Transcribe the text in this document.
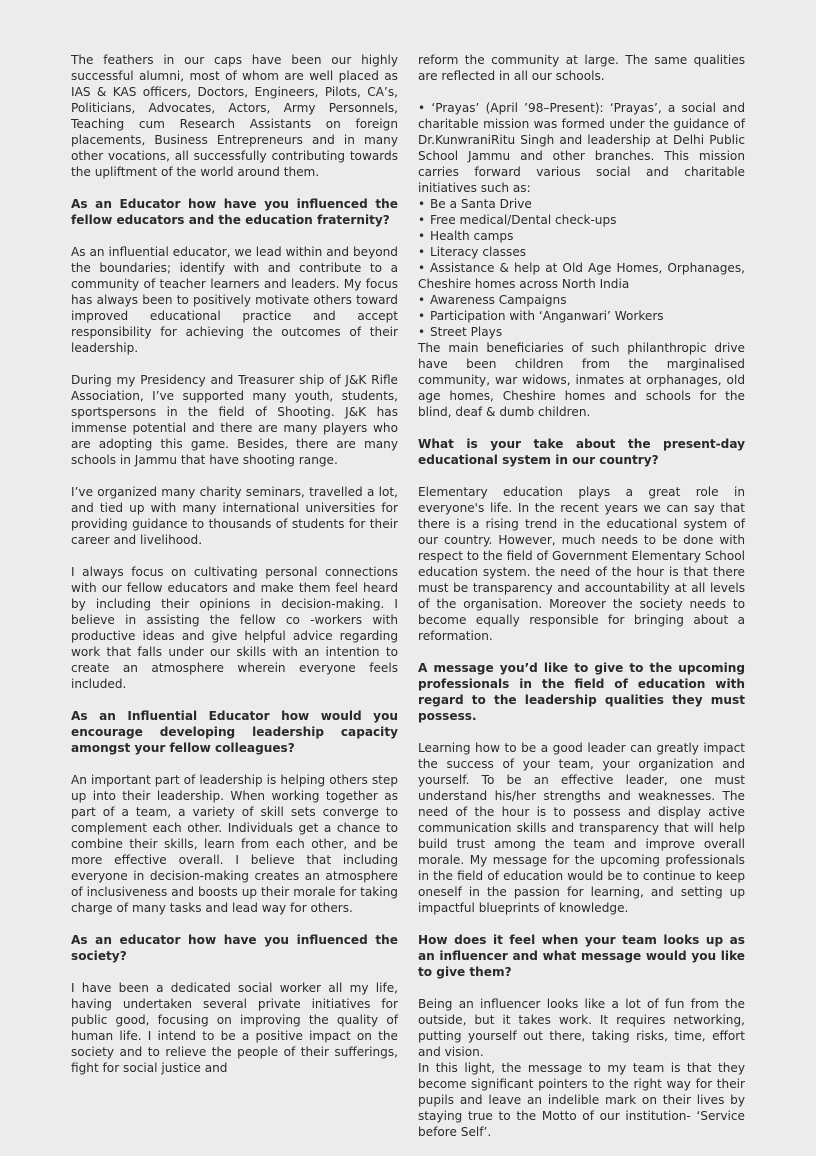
The feathers in our caps have been our highly successful alumni, most of whom are well placed as IAS & KAS officers, Doctors, Engineers, Pilots, CA’s, Politicians, Advocates, Actors, Army Personnels, Teaching cum Research Assistants on foreign placements, Business Entrepreneurs and in many other vocations, all successfully contributing towards the upliftment of the world around them.

As an Educator how have you influenced the fellow educators and the education fraternity?

As an influential educator, we lead within and beyond the boundaries; identify with and contribute to a community of teacher learners and leaders. My focus has always been to positively motivate others toward improved educational practice and accept responsibility for achieving the outcomes of their leadership.

During my Presidency and Treasurer ship of J&K Rifle Association, I’ve supported many youth, students, sportspersons in the field of Shooting. J&K has immense potential and there are many players who are adopting this game. Besides, there are many schools in Jammu that have shooting range.

I’ve organized many charity seminars, travelled a lot, and tied up with many international universities for providing guidance to thousands of students for their career and livelihood.

I always focus on cultivating personal connections with our fellow educators and make them feel heard by including their opinions in decision-making. I believe in assisting the fellow co -workers with productive ideas and give helpful advice regarding work that falls under our skills with an intention to create an atmosphere wherein everyone feels included.

As an Influential Educator how would you encourage developing leadership capacity amongst your fellow colleagues?

An important part of leadership is helping others step up into their leadership. When working together as part of a team, a variety of skill sets converge to complement each other. Individuals get a chance to combine their skills, learn from each other, and be more effective overall. I believe that including everyone in decision-making creates an atmosphere of inclusiveness and boosts up their morale for taking charge of many tasks and lead way for others.

As an educator how have you influenced the society?

I have been a dedicated social worker all my life, having undertaken several private initiatives for public good, focusing on improving the quality of human life. I intend to be a positive impact on the society and to relieve the people of their sufferings, fight for social justice and

reform the community at large. The same qualities are reflected in all our schools.

• ‘Prayas’ (April ’98–Present): ‘Prayas’, a social and charitable mission was formed under the guidance of Dr.KunwraniRitu Singh and leadership at Delhi Public School Jammu and other branches. This mission carries forward various social and charitable initiatives such as:

• Be a Santa Drive
• Free medical/Dental check-ups
• Health camps
• Literacy classes
• Assistance & help at Old Age Homes, Orphanages, Cheshire homes across North India
• Awareness Campaigns
• Participation with ‘Anganwari’ Workers
• Street Plays

The main beneficiaries of such philanthropic drive have been children from the marginalised community, war widows, inmates at orphanages, old age homes, Cheshire homes and schools for the blind, deaf & dumb children.

What is your take about the present-day educational system in our country?

Elementary education plays a great role in everyone's life. In the recent years we can say that there is a rising trend in the educational system of our country. However, much needs to be done with respect to the field of Government Elementary School education system. the need of the hour is that there must be transparency and accountability at all levels of the organisation. Moreover the society needs to become equally responsible for bringing about a reformation.

A message you’d like to give to the upcoming professionals in the field of education with regard to the leadership qualities they must possess.

Learning how to be a good leader can greatly impact the success of your team, your organization and yourself. To be an effective leader, one must understand his/her strengths and weaknesses. The need of the hour is to possess and display active communication skills and transparency that will help build trust among the team and improve overall morale. My message for the upcoming professionals in the field of education would be to continue to keep oneself in the passion for learning, and setting up impactful blueprints of knowledge.

How does it feel when your team looks up as an influencer and what message would you like to give them?

Being an influencer looks like a lot of fun from the outside, but it takes work. It requires networking, putting yourself out there, taking risks, time, effort and vision.

In this light, the message to my team is that they become significant pointers to the right way for their pupils and leave an indelible mark on their lives by staying true to the Motto of our institution- ‘Service before Self’.
